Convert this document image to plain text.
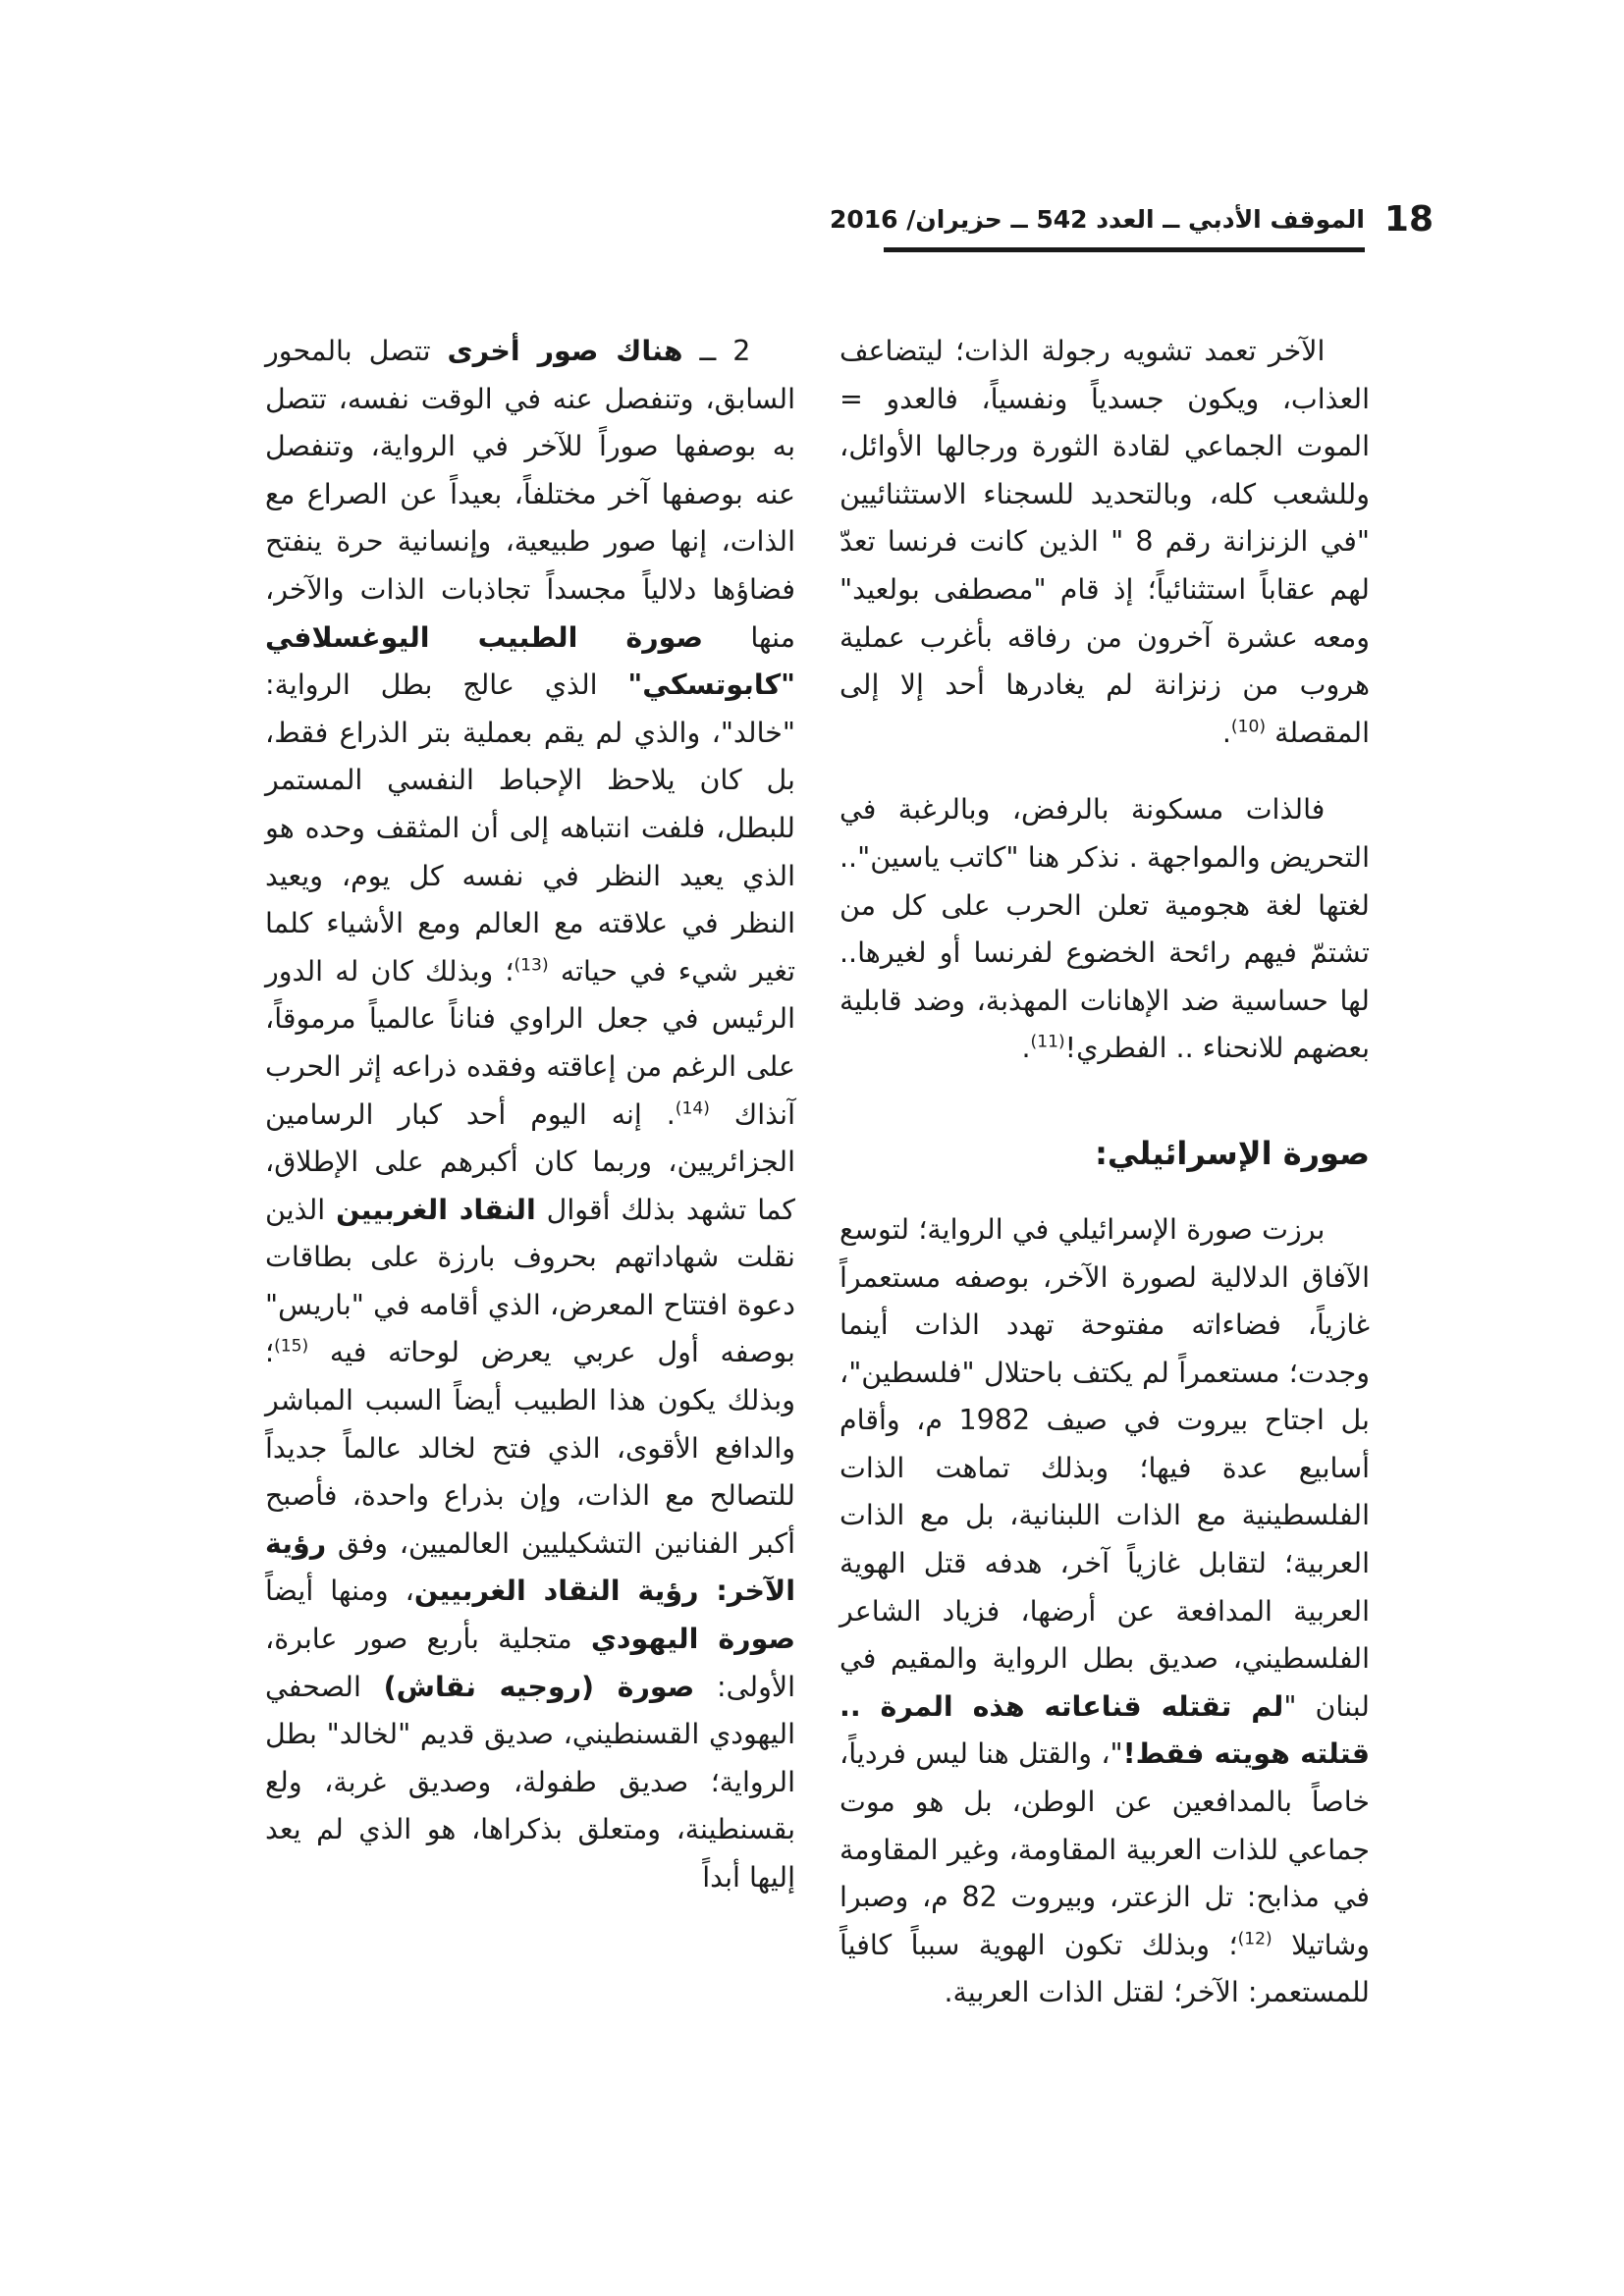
18
الموقف الأدبي ــ العدد 542 ــ حزيران/ 2016

الآخر تعمد تشويه رجولة الذات؛ ليتضاعف العذاب، ويكون جسدياً ونفسياً، فالعدو = الموت الجماعي لقادة الثورة ورجالها الأوائل، وللشعب كله، وبالتحديد للسجناء الاستثنائيين "في الزنزانة رقم 8 " الذين كانت فرنسا تعدّ لهم عقاباً استثنائياً؛ إذ قام "مصطفى بولعيد" ومعه عشرة آخرون من رفاقه بأغرب عملية هروب من زنزانة لم يغادرها أحد إلا إلى المقصلة $^{(10)}$.

فالذات مسكونة بالرفض، وبالرغبة في التحريض والمواجهة . نذكر هنا "كاتب ياسين".. لغتها لغة هجومية تعلن الحرب على كل من تشتمّ فيهم رائحة الخضوع لفرنسا أو لغيرها.. لها حساسية ضد الإهانات المهذبة، وضد قابلية بعضهم للانحناء .. الفطري!$^{(11)}$.

صورة الإسرائيلي:

برزت صورة الإسرائيلي في الرواية؛ لتوسع الآفاق الدلالية لصورة الآخر، بوصفه مستعمراً غازياً، فضاءاته مفتوحة تهدد الذات أينما وجدت؛ مستعمراً لم يكتف باحتلال "فلسطين"، بل اجتاح بيروت في صيف 1982 م، وأقام أسابيع عدة فيها؛ وبذلك تماهت الذات الفلسطينية مع الذات اللبنانية، بل مع الذات العربية؛ لتقابل غازياً آخر، هدفه قتل الهوية العربية المدافعة عن أرضها، فزياد الشاعر الفلسطيني، صديق بطل الرواية والمقيم في لبنان "لم تقتله قناعاته هذه المرة .. قتلته هويته فقط!"، والقتل هنا ليس فردياً، خاصاً بالمدافعين عن الوطن، بل هو موت جماعي للذات العربية المقاومة، وغير المقاومة في مذابح: تل الزعتر، وبيروت 82 م، وصبرا وشاتيلا $^{(12)}$؛ وبذلك تكون الهوية سبباً كافياً للمستعمر: الآخر؛ لقتل الذات العربية.

2 ــ هناك صور أخرى تتصل بالمحور السابق، وتنفصل عنه في الوقت نفسه، تتصل به بوصفها صوراً للآخر في الرواية، وتنفصل عنه بوصفها آخر مختلفاً، بعيداً عن الصراع مع الذات، إنها صور طبيعية، وإنسانية حرة ينفتح فضاؤها دلالياً مجسداً تجاذبات الذات والآخر، منها صورة الطبيب اليوغسلافي "كابوتسكي" الذي عالج بطل الرواية: "خالد"، والذي لم يقم بعملية بتر الذراع فقط، بل كان يلاحظ الإحباط النفسي المستمر للبطل، فلفت انتباهه إلى أن المثقف وحده هو الذي يعيد النظر في نفسه كل يوم، ويعيد النظر في علاقته مع العالم ومع الأشياء كلما تغير شيء في حياته $^{(13)}$؛ وبذلك كان له الدور الرئيس في جعل الراوي فناناً عالمياً مرموقاً، على الرغم من إعاقته وفقده ذراعه إثر الحرب آنذاك $^{(14)}$. إنه اليوم أحد كبار الرسامين الجزائريين، وربما كان أكبرهم على الإطلاق، كما تشهد بذلك أقوال النقاد الغربيين الذين نقلت شهاداتهم بحروف بارزة على بطاقات دعوة افتتاح المعرض، الذي أقامه في "باريس" بوصفه أول عربي يعرض لوحاته فيه $^{(15)}$؛ وبذلك يكون هذا الطبيب أيضاً السبب المباشر والدافع الأقوى، الذي فتح لخالد عالماً جديداً للتصالح مع الذات، وإن بذراع واحدة، فأصبح أكبر الفنانين التشكيليين العالميين، وفق رؤية الآخر: رؤية النقاد الغربيين، ومنها أيضاً صورة اليهودي متجلية بأربع صور عابرة، الأولى: صورة (روجيه نقاش) الصحفي اليهودي القسنطيني، صديق قديم "لخالد" بطل الرواية؛ صديق طفولة، وصديق غربة، ولع بقسنطينة، ومتعلق بذكراها، هو الذي لم يعد إليها أبداً
